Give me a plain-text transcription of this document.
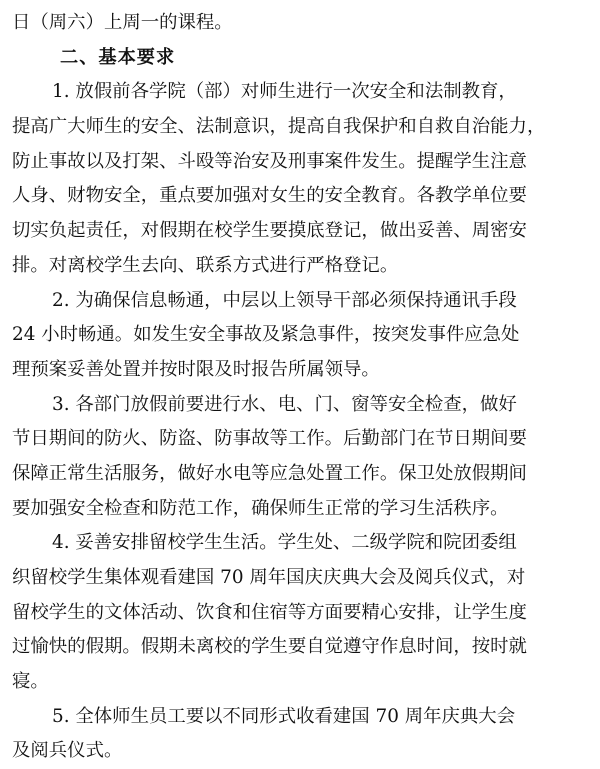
日（周六）上周一的课程。
二、基本要求
1. 放假前各学院（部）对师生进行一次安全和法制教育，
提高广大师生的安全、法制意识，提高自我保护和自救自治能力，
防止事故以及打架、斗殴等治安及刑事案件发生。提醒学生注意
人身、财物安全，重点要加强对女生的安全教育。各教学单位要
切实负起责任，对假期在校学生要摸底登记，做出妥善、周密安
排。对离校学生去向、联系方式进行严格登记。
2. 为确保信息畅通，中层以上领导干部必须保持通讯手段
24 小时畅通。如发生安全事故及紧急事件，按突发事件应急处
理预案妥善处置并按时限及时报告所属领导。
3. 各部门放假前要进行水、电、门、窗等安全检查，做好
节日期间的防火、防盗、防事故等工作。后勤部门在节日期间要
保障正常生活服务，做好水电等应急处置工作。保卫处放假期间
要加强安全检查和防范工作，确保师生正常的学习生活秩序。
4. 妥善安排留校学生生活。学生处、二级学院和院团委组
织留校学生集体观看建国 70 周年国庆庆典大会及阅兵仪式，对
留校学生的文体活动、饮食和住宿等方面要精心安排，让学生度
过愉快的假期。假期未离校的学生要自觉遵守作息时间，按时就
寝。
5. 全体师生员工要以不同形式收看建国 70 周年庆典大会
及阅兵仪式。
